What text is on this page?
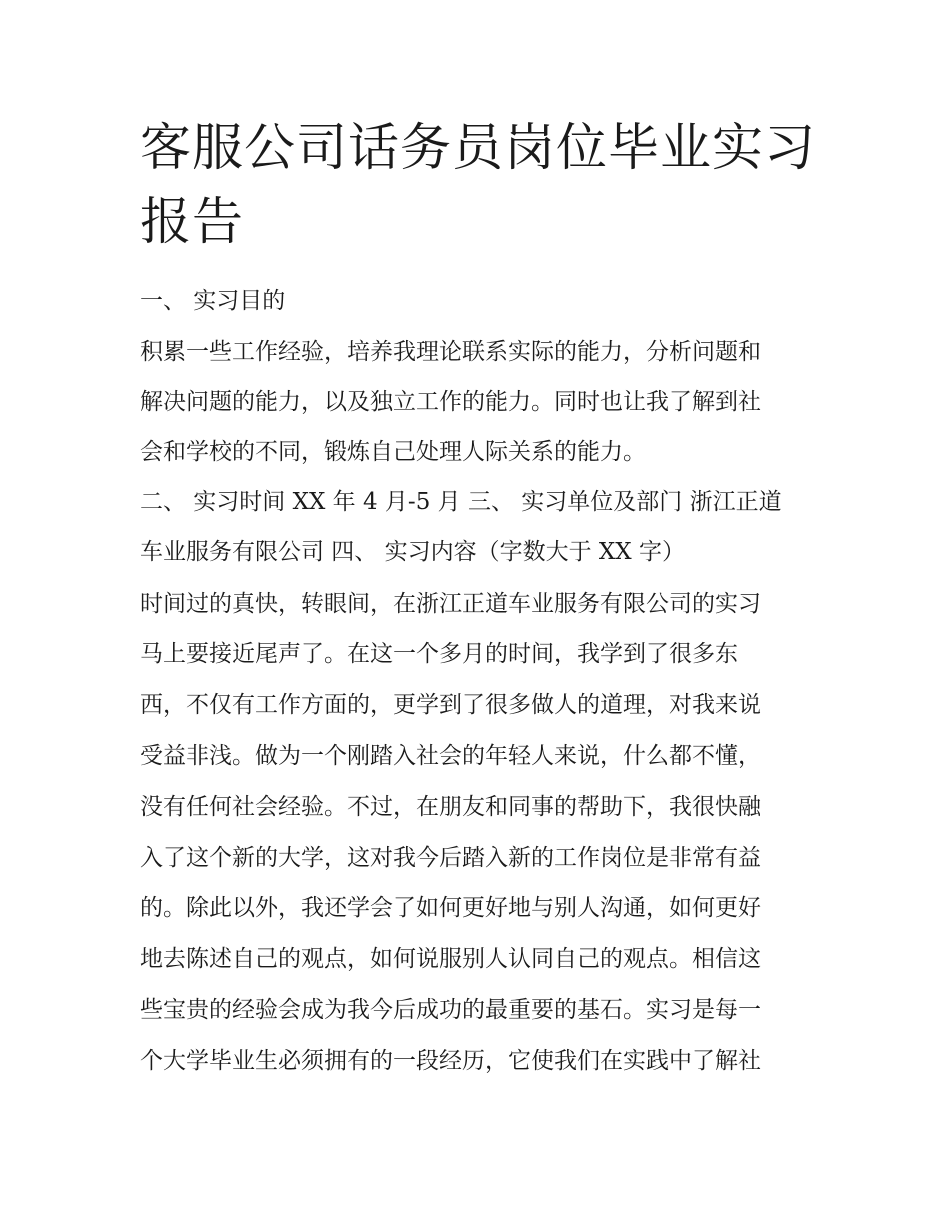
客服公司话务员岗位毕业实习
报告

一、 实习目的

积累一些工作经验，培养我理论联系实际的能力，分析问题和

解决问题的能力，以及独立工作的能力。同时也让我了解到社

会和学校的不同，锻炼自己处理人际关系的能力。

二、 实习时间 XX 年 4 月-5 月 三、 实习单位及部门 浙江正道

车业服务有限公司 四、 实习内容（字数大于 XX 字）

时间过的真快，转眼间，在浙江正道车业服务有限公司的实习

马上要接近尾声了。在这一个多月的时间，我学到了很多东

西，不仅有工作方面的，更学到了很多做人的道理，对我来说

受益非浅。做为一个刚踏入社会的年轻人来说，什么都不懂，

没有任何社会经验。不过，在朋友和同事的帮助下，我很快融

入了这个新的大学，这对我今后踏入新的工作岗位是非常有益

的。除此以外，我还学会了如何更好地与别人沟通，如何更好

地去陈述自己的观点，如何说服别人认同自己的观点。相信这

些宝贵的经验会成为我今后成功的最重要的基石。实习是每一

个大学毕业生必须拥有的一段经历，它使我们在实践中了解社
